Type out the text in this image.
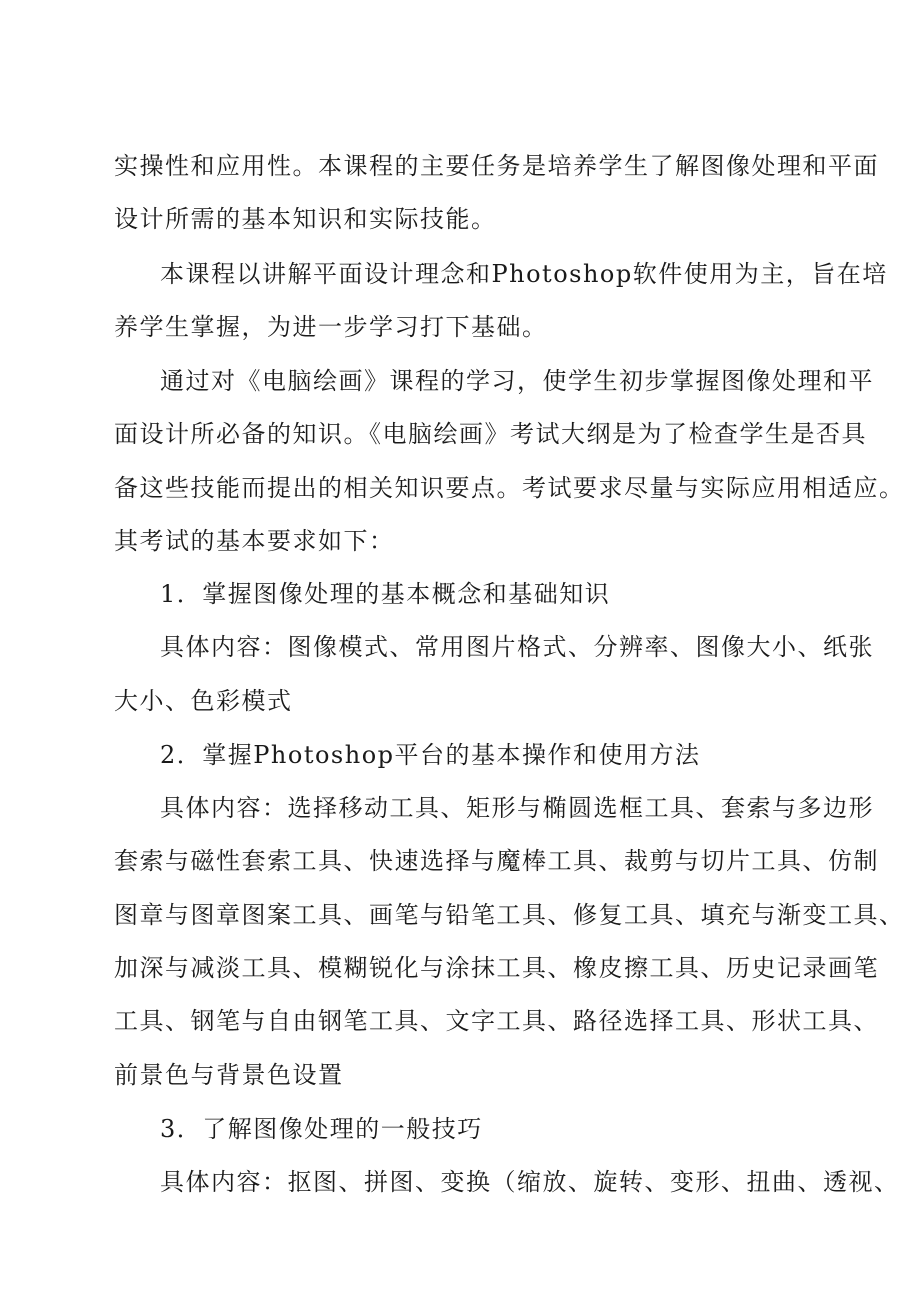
实操性和应用性。本课程的主要任务是培养学生了解图像处理和平面
设计所需的基本知识和实际技能。
本课程以讲解平面设计理念和Photoshop软件使用为主，旨在培
养学生掌握，为进一步学习打下基础。
通过对《电脑绘画》课程的学习，使学生初步掌握图像处理和平
面设计所必备的知识。《电脑绘画》考试大纲是为了检查学生是否具
备这些技能而提出的相关知识要点。考试要求尽量与实际应用相适应。
其考试的基本要求如下：
1．掌握图像处理的基本概念和基础知识
具体内容：图像模式、常用图片格式、分辨率、图像大小、纸张
大小、色彩模式
2．掌握Photoshop平台的基本操作和使用方法
具体内容：选择移动工具、矩形与椭圆选框工具、套索与多边形
套索与磁性套索工具、快速选择与魔棒工具、裁剪与切片工具、仿制
图章与图章图案工具、画笔与铅笔工具、修复工具、填充与渐变工具、
加深与减淡工具、模糊锐化与涂抹工具、橡皮擦工具、历史记录画笔
工具、钢笔与自由钢笔工具、文字工具、路径选择工具、形状工具、
前景色与背景色设置
3．了解图像处理的一般技巧
具体内容：抠图、拼图、变换（缩放、旋转、变形、扭曲、透视、
